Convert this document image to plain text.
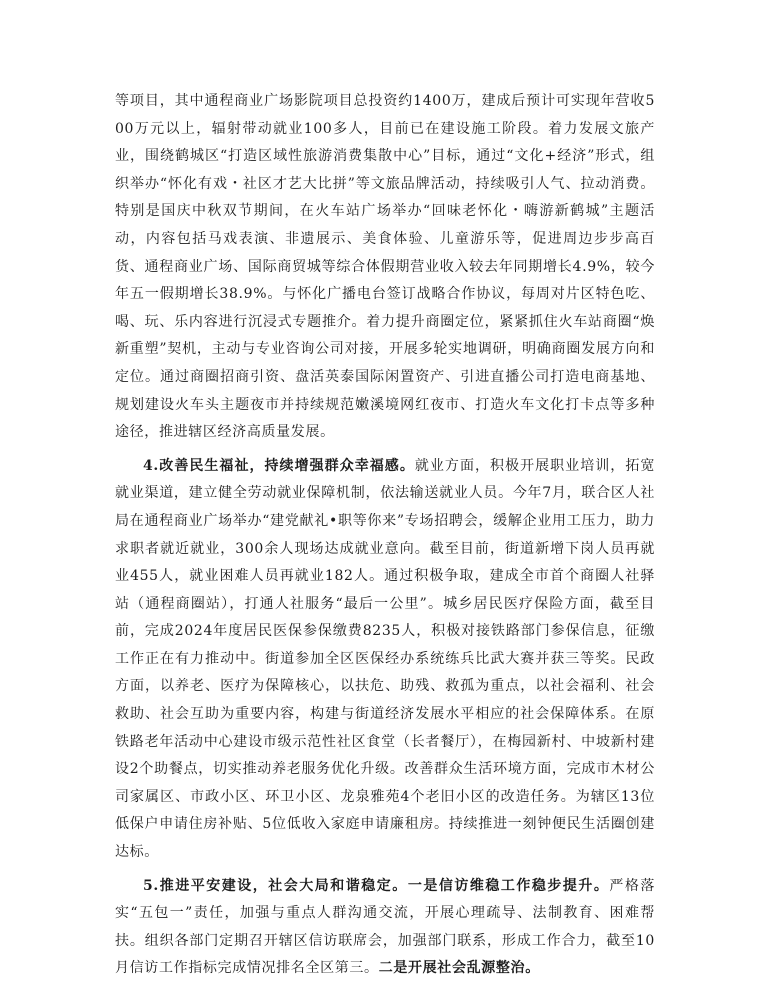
等项目，其中通程商业广场影院项目总投资约1400万，建成后预计可实现年营收500万元以上，辐射带动就业100多人，目前已在建设施工阶段。着力发展文旅产业，围绕鹤城区“打造区域性旅游消费集散中心”目标，通过“文化+经济”形式，组织举办“怀化有戏・社区才艺大比拼”等文旅品牌活动，持续吸引人气、拉动消费。特别是国庆中秋双节期间，在火车站广场举办“回味老怀化・嗨游新鹤城”主题活动，内容包括马戏表演、非遗展示、美食体验、儿童游乐等，促进周边步步高百货、通程商业广场、国际商贸城等综合体假期营业收入较去年同期增长4.9%，较今年五一假期增长38.9%。与怀化广播电台签订战略合作协议，每周对片区特色吃、喝、玩、乐内容进行沉浸式专题推介。着力提升商圈定位，紧紧抓住火车站商圈“焕新重塑”契机，主动与专业咨询公司对接，开展多轮实地调研，明确商圈发展方向和定位。通过商圈招商引资、盘活英泰国际闲置资产、引进直播公司打造电商基地、规划建设火车头主题夜市并持续规范嫩溪境网红夜市、打造火车文化打卡点等多种途径，推进辖区经济高质量发展。

4.改善民生福祉，持续增强群众幸福感。就业方面，积极开展职业培训，拓宽就业渠道，建立健全劳动就业保障机制，依法输送就业人员。今年7月，联合区人社局在通程商业广场举办“建党献礼•职等你来”专场招聘会，缓解企业用工压力，助力求职者就近就业，300余人现场达成就业意向。截至目前，街道新增下岗人员再就业455人，就业困难人员再就业182人。通过积极争取，建成全市首个商圈人社驿站（通程商圈站），打通人社服务“最后一公里”。城乡居民医疗保险方面，截至目前，完成2024年度居民医保参保缴费8235人，积极对接铁路部门参保信息，征缴工作正在有力推动中。街道参加全区医保经办系统练兵比武大赛并获三等奖。民政方面，以养老、医疗为保障核心，以扶危、助残、救孤为重点，以社会福利、社会救助、社会互助为重要内容，构建与街道经济发展水平相应的社会保障体系。在原铁路老年活动中心建设市级示范性社区食堂（长者餐厅），在梅园新村、中坡新村建设2个助餐点，切实推动养老服务优化升级。改善群众生活环境方面，完成市木材公司家属区、市政小区、环卫小区、龙泉雅苑4个老旧小区的改造任务。为辖区13位低保户申请住房补贴、5位低收入家庭申请廉租房。持续推进一刻钟便民生活圈创建达标。

5.推进平安建设，社会大局和谐稳定。一是信访维稳工作稳步提升。严格落实“五包一”责任，加强与重点人群沟通交流，开展心理疏导、法制教育、困难帮扶。组织各部门定期召开辖区信访联席会，加强部门联系，形成工作合力，截至10月信访工作指标完成情况排名全区第三。二是开展社会乱源整治。
